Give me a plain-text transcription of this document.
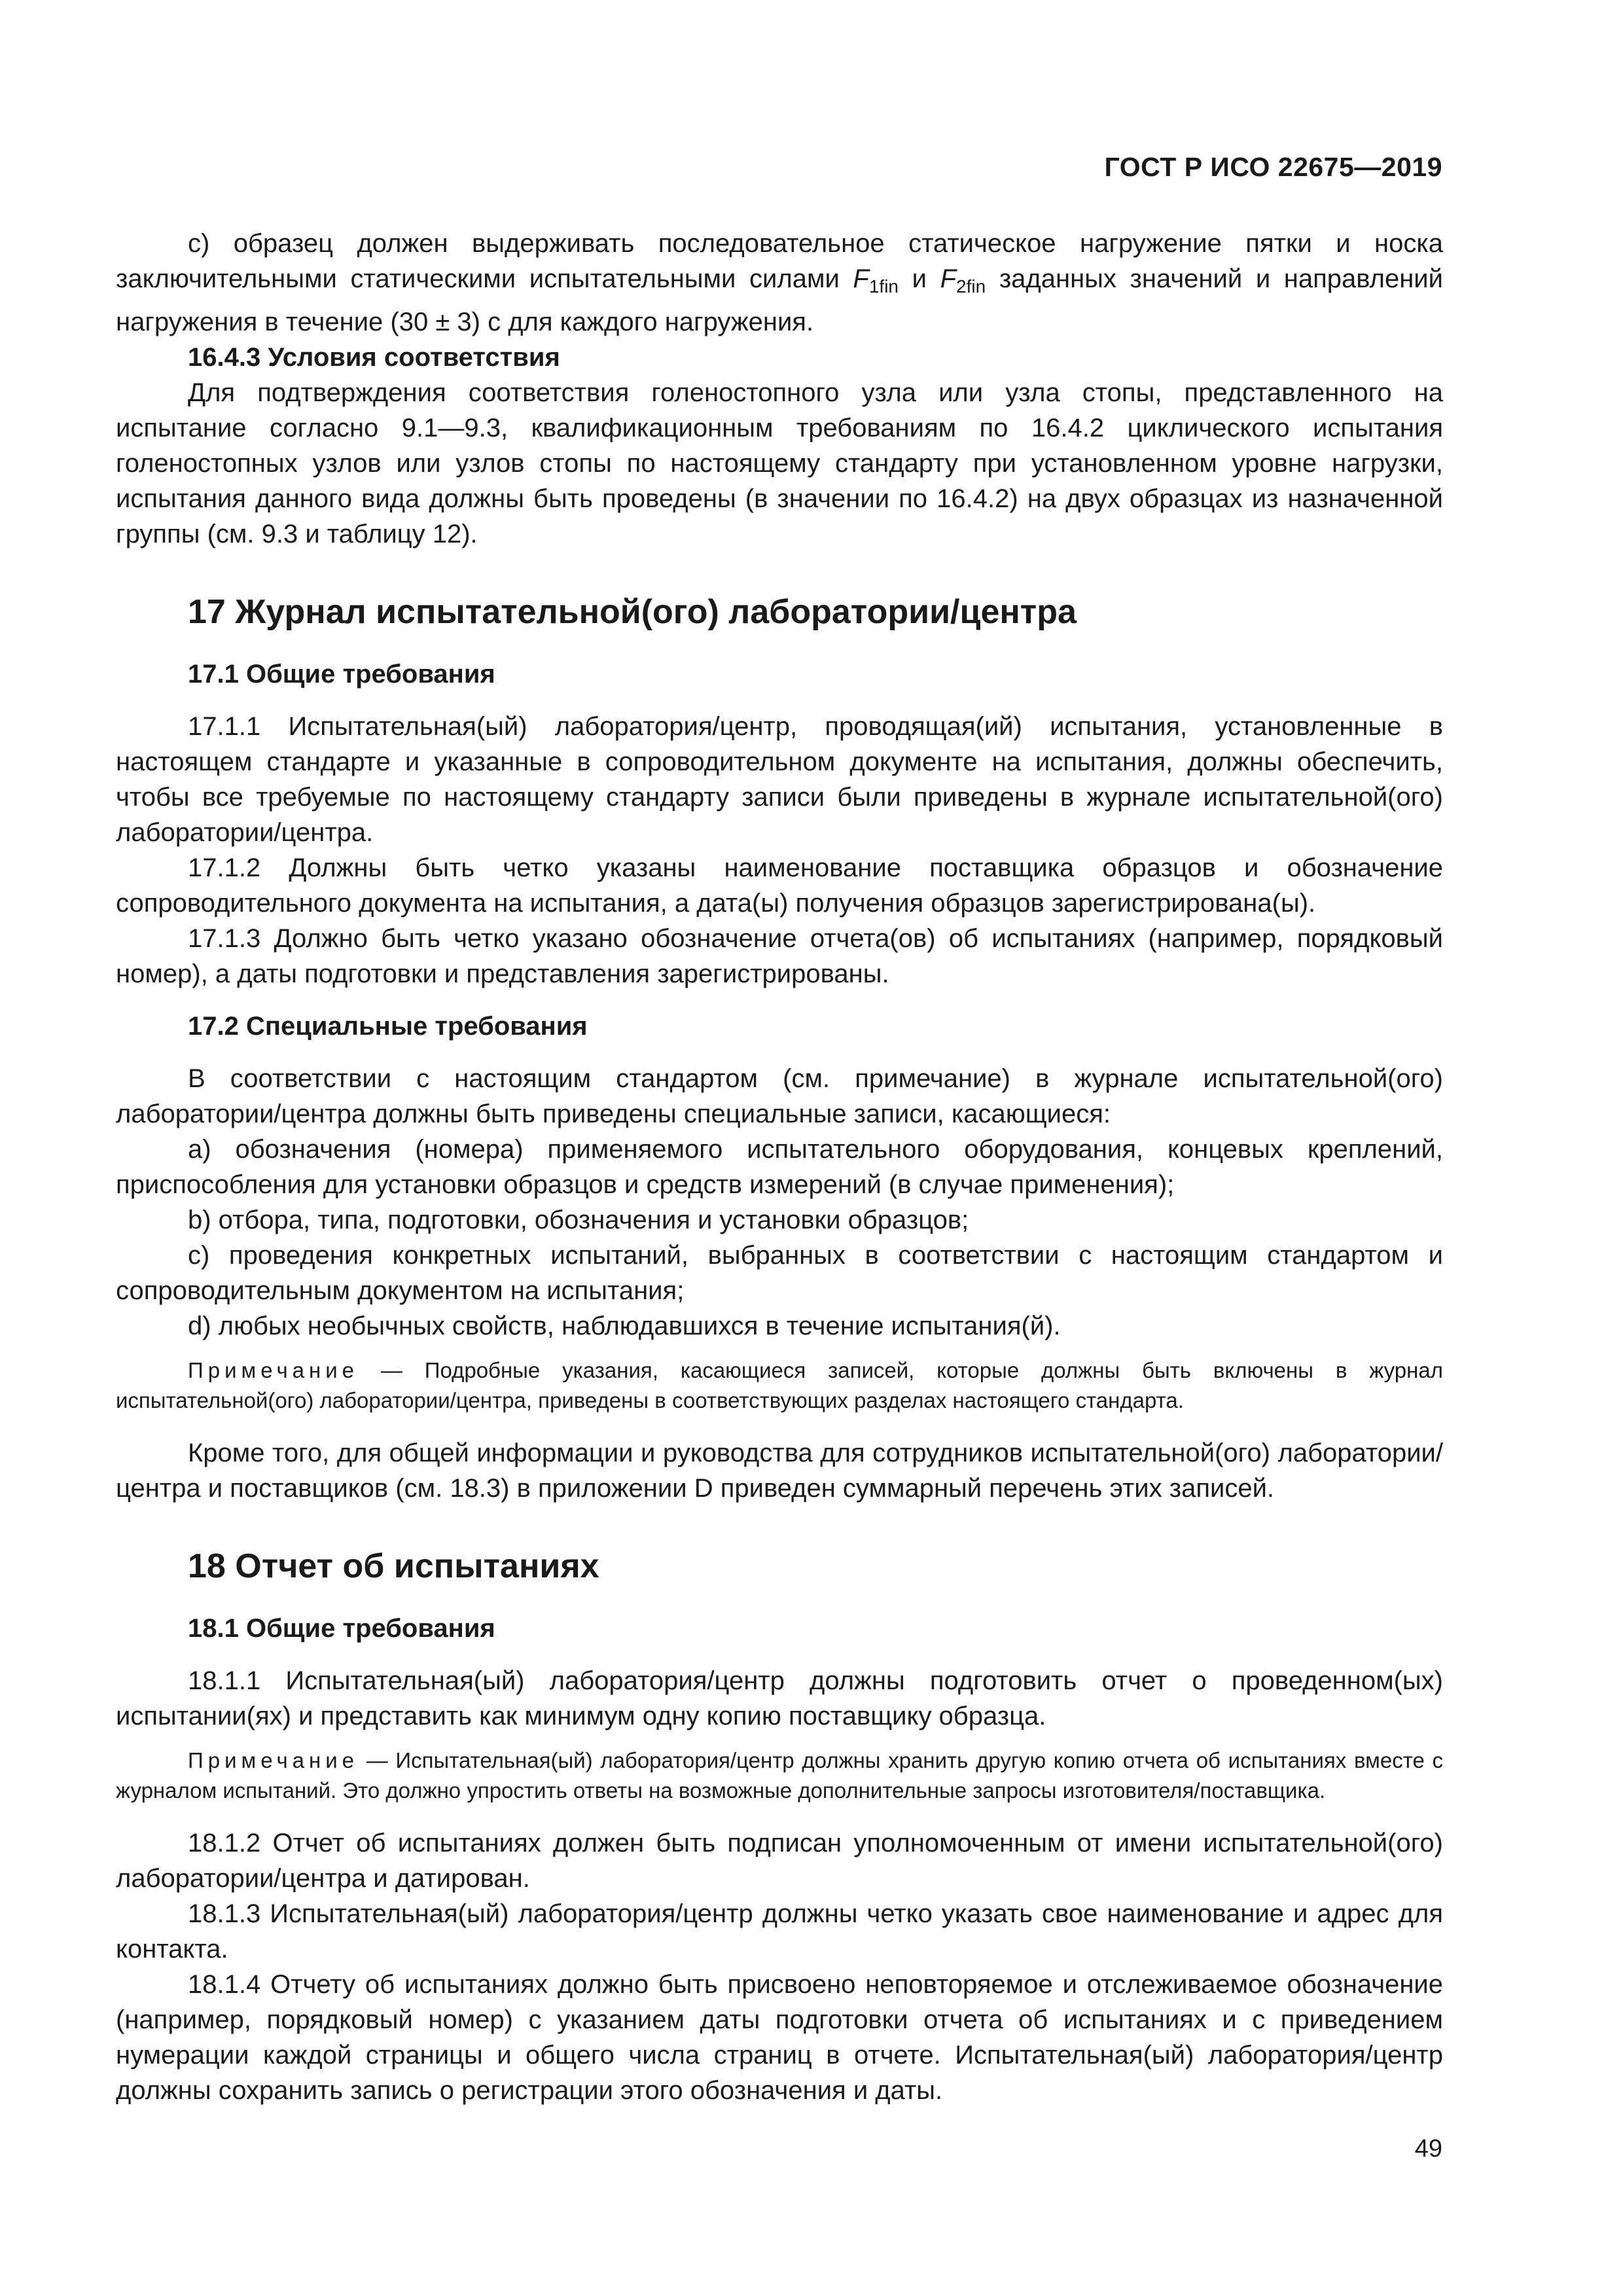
ГОСТ Р ИСО 22675—2019

c) образец должен выдерживать последовательное статическое нагружение пятки и носка заключительными статическими испытательными силами $F_{1fin}$ и $F_{2fin}$ заданных значений и направлений нагружения в течение (30 ± 3) с для каждого нагружения.

16.4.3 Условия соответствия

Для подтверждения соответствия голеностопного узла или узла стопы, представленного на испытание согласно 9.1—9.3, квалификационным требованиям по 16.4.2 циклического испытания голеностопных узлов или узлов стопы по настоящему стандарту при установленном уровне нагрузки, испытания данного вида должны быть проведены (в значении по 16.4.2) на двух образцах из назначенной группы (см. 9.3 и таблицу 12).

17 Журнал испытательной(ого) лаборатории/центра
17.1 Общие требования

17.1.1 Испытательная(ый) лаборатория/центр, проводящая(ий) испытания, установленные в настоящем стандарте и указанные в сопроводительном документе на испытания, должны обеспечить, чтобы все требуемые по настоящему стандарту записи были приведены в журнале испытательной(ого) лаборатории/центра.

17.1.2 Должны быть четко указаны наименование поставщика образцов и обозначение сопроводительного документа на испытания, а дата(ы) получения образцов зарегистрирована(ы).

17.1.3 Должно быть четко указано обозначение отчета(ов) об испытаниях (например, порядковый номер), а даты подготовки и представления зарегистрированы.

17.2 Специальные требования

В соответствии с настоящим стандартом (см. примечание) в журнале испытательной(ого) лаборатории/центра должны быть приведены специальные записи, касающиеся:

a) обозначения (номера) применяемого испытательного оборудования, концевых креплений, приспособления для установки образцов и средств измерений (в случае применения);

b) отбора, типа, подготовки, обозначения и установки образцов;

c) проведения конкретных испытаний, выбранных в соответствии с настоящим стандартом и сопроводительным документом на испытания;

d) любых необычных свойств, наблюдавшихся в течение испытания(й).

Примечание — Подробные указания, касающиеся записей, которые должны быть включены в журнал испытательной(ого) лаборатории/центра, приведены в соответствующих разделах настоящего стандарта.

Кроме того, для общей информации и руководства для сотрудников испытательной(ого) лаборатории/центра и поставщиков (см. 18.3) в приложении D приведен суммарный перечень этих записей.

18 Отчет об испытаниях
18.1 Общие требования

18.1.1 Испытательная(ый) лаборатория/центр должны подготовить отчет о проведенном(ых) испытании(ях) и представить как минимум одну копию поставщику образца.

Примечание — Испытательная(ый) лаборатория/центр должны хранить другую копию отчета об испытаниях вместе с журналом испытаний. Это должно упростить ответы на возможные дополнительные запросы изготовителя/поставщика.

18.1.2 Отчет об испытаниях должен быть подписан уполномоченным от имени испытательной(ого) лаборатории/центра и датирован.

18.1.3 Испытательная(ый) лаборатория/центр должны четко указать свое наименование и адрес для контакта.

18.1.4 Отчету об испытаниях должно быть присвоено неповторяемое и отслеживаемое обозначение (например, порядковый номер) с указанием даты подготовки отчета об испытаниях и с приведением нумерации каждой страницы и общего числа страниц в отчете. Испытательная(ый) лаборатория/центр должны сохранить запись о регистрации этого обозначения и даты.

49
